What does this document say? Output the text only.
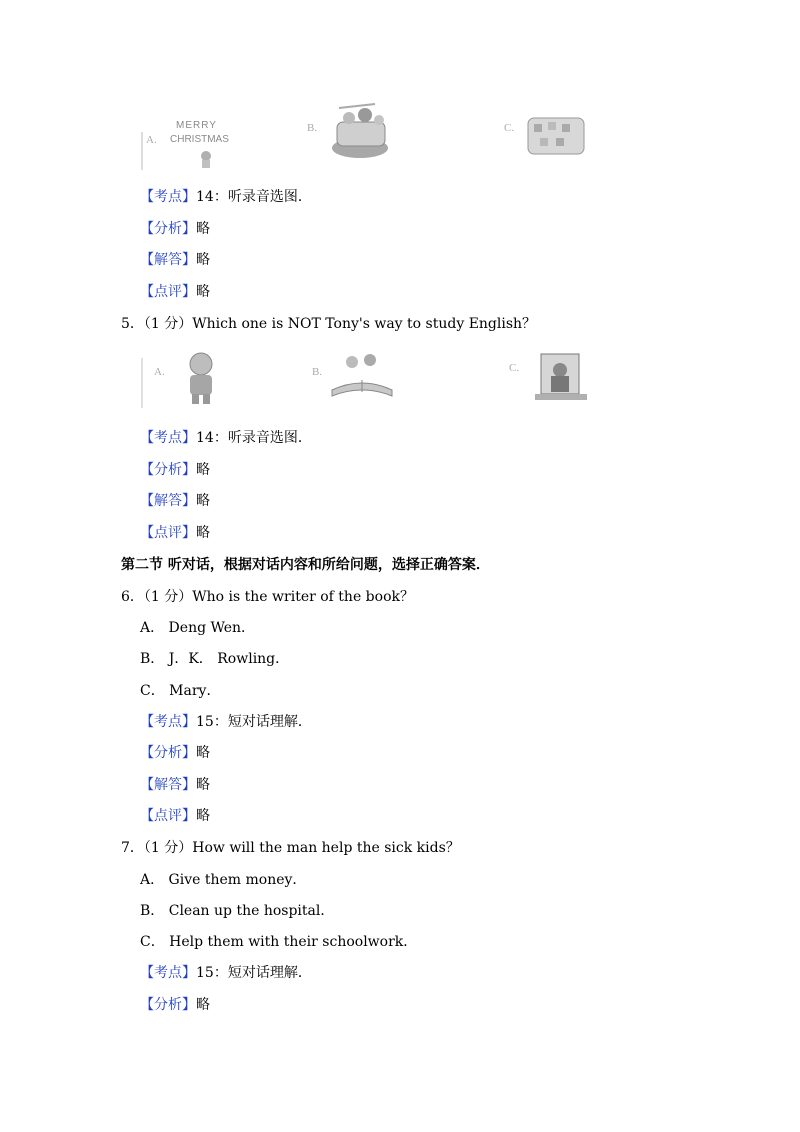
A.
MERRY
CHRISTMAS
B.	C.
【考点】14：听录音选图．
【分析】略
【解答】略
【点评】略
5．（1 分）Which one is NOT Tony's way to study English？
A.	B.	C.
【考点】14：听录音选图．
【分析】略
【解答】略
【点评】略
第二节 听对话，根据对话内容和所给问题，选择正确答案．
6．（1 分）Who is the writer of the book？
A． Deng Wen．
B． J．K． Rowling．
C． Mary．
【考点】15：短对话理解．
【分析】略
【解答】略
【点评】略
7．（1 分）How will the man help the sick kids？
A． Give them money．
B． Clean up the hospital．
C． Help them with their schoolwork．
【考点】15：短对话理解．
【分析】略
